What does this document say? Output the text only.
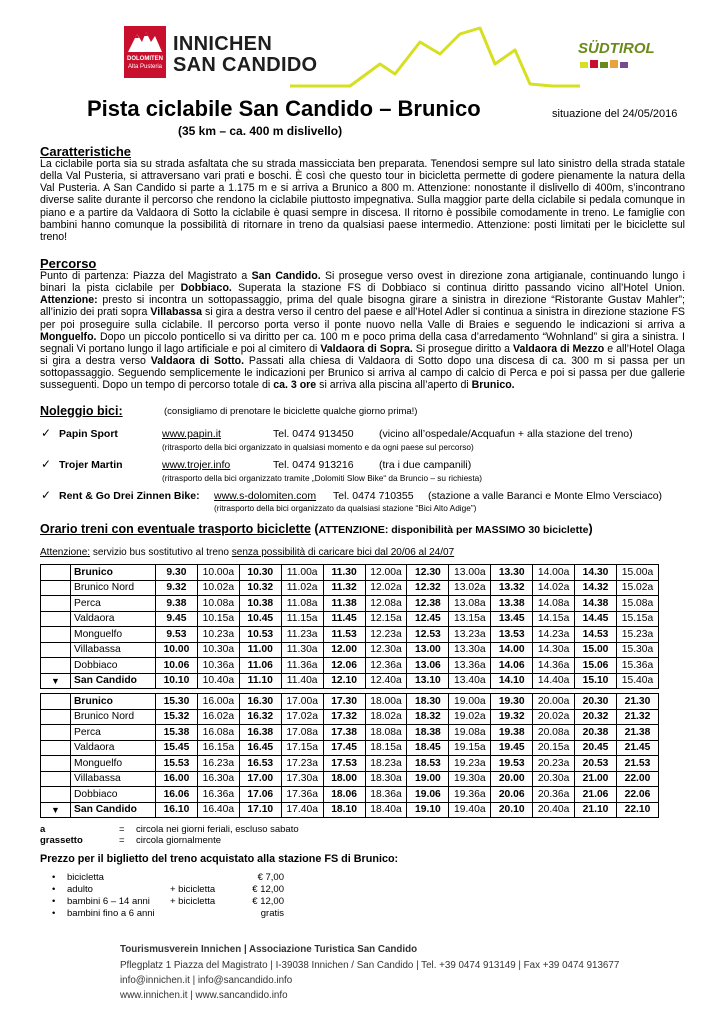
DOLOMITEN
Alta Pusteria
INNICHEN
SAN CANDIDO
SÜDTIROL
Pista ciclabile San Candido – Brunico	situazione del 24/05/2016
(35 km – ca. 400 m dislivello)
Caratteristiche
La ciclabile porta sia su strada asfaltata che su strada massicciata ben preparata. Tenendosi sempre sul lato sinistro della strada statale della Val Pusteria, si attraversano vari prati e boschi. È così che questo tour in bicicletta permette di godere pienamente la natura della Val Pusteria. A San Candido si parte a 1.175 m e si arriva a Brunico a 800 m. Attenzione: nonostante il dislivello di 400m, s’incontrano diverse salite durante il percorso che rendono la ciclabile piuttosto impegnativa. Sulla maggior parte della ciclabile si pedala comunque in piano e a partire da Valdaora di Sotto la ciclabile è quasi sempre in discesa. Il ritorno è possibile comodamente in treno. Le famiglie con bambini hanno comunque la possibilità di ritornare in treno da qualsiasi paese intermedio. Attenzione: posti limitati per le biciclette sul treno!
Percorso
Punto di partenza: Piazza del Magistrato a San Candido. Si prosegue verso ovest in direzione zona artigianale, continuando lungo i binari la pista ciclabile per Dobbiaco. Superata la stazione FS di Dobbiaco si continua diritto passando vicino all’Hotel Union. Attenzione: presto si incontra un sottopassaggio, prima del quale bisogna girare a sinistra in direzione “Ristorante Gustav Mahler”; all’inizio dei prati sopra Villabassa si gira a destra verso il centro del paese e all’Hotel Adler si continua a sinistra in direzione stazione FS per poi proseguire sulla ciclabile. Il percorso porta verso il ponte nuovo nella Valle di Braies e seguendo le indicazioni si arriva a Monguelfo. Dopo un piccolo ponticello si va diritto per ca. 100 m e poco prima della casa d’arredamento “Wohnland” si gira a sinistra. I segnali Vi portano lungo il lago artificiale e poi al cimitero di Valdaora di Sopra. Si prosegue diritto a Valdaora di Mezzo e all’Hotel Olaga si gira a destra verso Valdaora di Sotto. Passati alla chiesa di Valdaora di Sotto dopo una discesa di ca. 300 m si passa per un sottopassaggio. Seguendo semplicemente le indicazioni per Brunico si arriva al campo di calcio di Perca e poi si passa per due gallerie susseguenti. Dopo un tempo di percorso totale di ca. 3 ore si arriva alla piscina all’aperto di Brunico.
Noleggio bici:	(consigliamo di prenotare le biciclette qualche giorno prima!)
✓ Papin Sport	www.papin.it	Tel. 0474 913450 (vicino all’ospedale/Acquafun + alla stazione del treno)
(ritrasporto della bici organizzato in qualsiasi momento e da ogni paese sul percorso)
✓ Trojer Martin	www.trojer.info	Tel. 0474 913216 (tra i due campanili)
(ritrasporto della bici organizzato tramite „Dolomiti Slow Bike“ da Bruncio – su richiesta)
✓ Rent & Go Drei Zinnen Bike: www.s-dolomiten.com Tel. 0474 710355 (stazione a valle Baranci e Monte Elmo Versciaco)
(ritrasporto della bici organizzato da qualsiasi stazione “Bici Alto Adige”)
Orario treni con eventuale trasporto biciclette (ATTENZIONE: disponibilità per MASSIMO 30 biciclette)
Attenzione: servizio bus sostitutivo al treno senza possibilità di caricare bici dal 20/06 al 24/07
	Brunico	9.30	10.00a	10.30	11.00a	11.30	12.00a	12.30	13.00a	13.30	14.00a	14.30	15.00a
	Brunico Nord	9.32	10.02a	10.32	11.02a	11.32	12.02a	12.32	13.02a	13.32	14.02a	14.32	15.02a
	Perca	9.38	10.08a	10.38	11.08a	11.38	12.08a	12.38	13.08a	13.38	14.08a	14.38	15.08a
	Valdaora	9.45	10.15a	10.45	11.15a	11.45	12.15a	12.45	13.15a	13.45	14.15a	14.45	15.15a
	Monguelfo	9.53	10.23a	10.53	11.23a	11.53	12.23a	12.53	13.23a	13.53	14.23a	14.53	15.23a
	Villabassa	10.00	10.30a	11.00	11.30a	12.00	12.30a	13.00	13.30a	14.00	14.30a	15.00	15.30a
	Dobbiaco	10.06	10.36a	11.06	11.36a	12.06	12.36a	13.06	13.36a	14.06	14.36a	15.06	15.36a
▼	San Candido	10.10	10.40a	11.10	11.40a	12.10	12.40a	13.10	13.40a	14.10	14.40a	15.10	15.40a
	Brunico	15.30	16.00a	16.30	17.00a	17.30	18.00a	18.30	19.00a	19.30	20.00a	20.30	21.30
	Brunico Nord	15.32	16.02a	16.32	17.02a	17.32	18.02a	18.32	19.02a	19.32	20.02a	20.32	21.32
	Perca	15.38	16.08a	16.38	17.08a	17.38	18.08a	18.38	19.08a	19.38	20.08a	20.38	21.38
	Valdaora	15.45	16.15a	16.45	17.15a	17.45	18.15a	18.45	19.15a	19.45	20.15a	20.45	21.45
	Monguelfo	15.53	16.23a	16.53	17.23a	17.53	18.23a	18.53	19.23a	19.53	20.23a	20.53	21.53
	Villabassa	16.00	16.30a	17.00	17.30a	18.00	18.30a	19.00	19.30a	20.00	20.30a	21.00	22.00
	Dobbiaco	16.06	16.36a	17.06	17.36a	18.06	18.36a	19.06	19.36a	20.06	20.36a	21.06	22.06
▼	San Candido	16.10	16.40a	17.10	17.40a	18.10	18.40a	19.10	19.40a	20.10	20.40a	21.10	22.10
a	= circola nei giorni feriali, escluso sabato
grassetto	= circola giornalmente
Prezzo per il biglietto del treno acquistato alla stazione FS di Brunico:
• bicicletta	€ 7,00
• adulto	+ bicicletta	€ 12,00
• bambini 6 – 14 anni + bicicletta	€ 12,00
• bambini fino a 6 anni	gratis
Tourismusverein Innichen | Associazione Turistica San Candido
Pflegplatz 1 Piazza del Magistrato | I-39038 Innichen / San Candido | Tel. +39 0474 913149 | Fax +39 0474 913677
info@innichen.it | info@sancandido.info
www.innichen.it | www.sancandido.info
